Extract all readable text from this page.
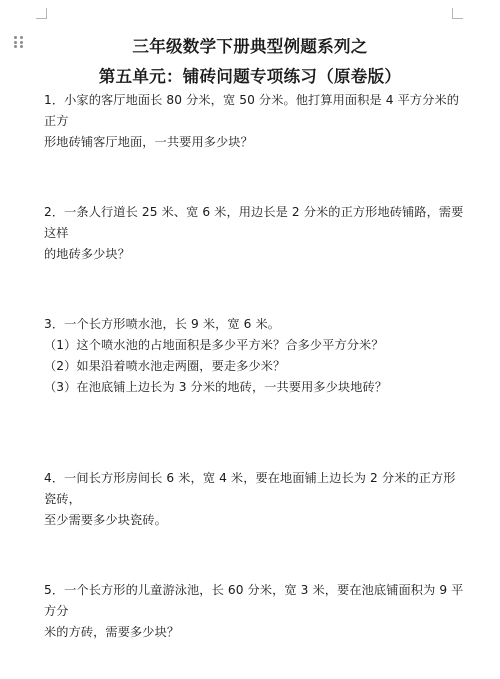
三年级数学下册典型例题系列之
第五单元：铺砖问题专项练习（原卷版）

1．小家的客厅地面长 80 分米，宽 50 分米。他打算用面积是 4 平方分米的正方

形地砖铺客厅地面，一共要用多少块？

2．一条人行道长 25 米、宽 6 米，用边长是 2 分米的正方形地砖铺路，需要这样

的地砖多少块？

3．一个长方形喷水池，长 9 米，宽 6 米。

（1）这个喷水池的占地面积是多少平方米？合多少平方分米？

（2）如果沿着喷水池走两圈，要走多少米？

（3）在池底铺上边长为 3 分米的地砖，一共要用多少块地砖？

4．一间长方形房间长 6 米，宽 4 米，要在地面铺上边长为 2 分米的正方形瓷砖，

至少需要多少块瓷砖。

5．一个长方形的儿童游泳池，长 60 分米，宽 3 米，要在池底铺面积为 9 平方分

米的方砖，需要多少块？
